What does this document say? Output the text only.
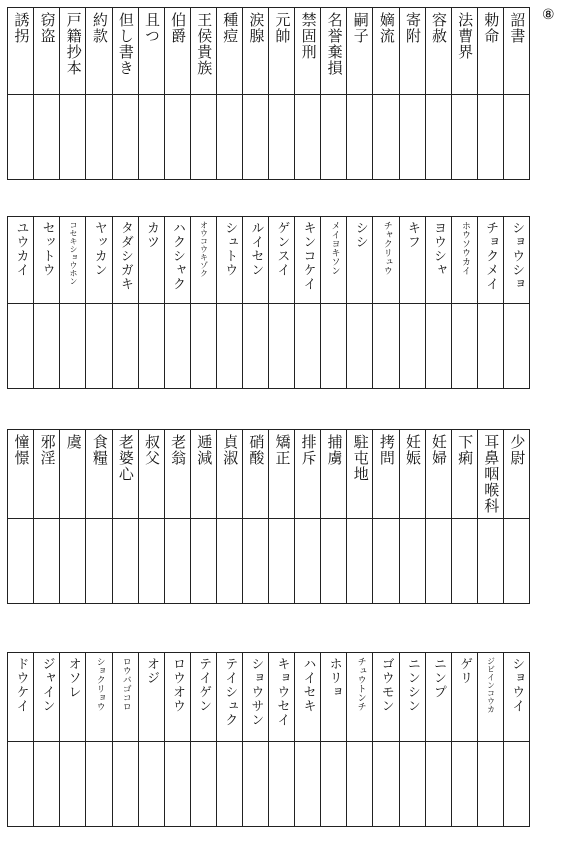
⑧
詔書
勅命
法曹界
容赦
寄附
嫡流
嗣子
名誉棄損
禁固刑
元帥
涙腺
種痘
王侯貴族
伯爵
且つ
但し書き
約款
戸籍抄本
窃盗
誘拐
ショウショ
チョクメイ
ホウソウカイ
ヨウシャ
キフ
チャクリュウ
シシ
メイヨキソン
キンコケイ
ゲンスイ
ルイセン
シュトウ
オウコウキゾク
ハクシャク
カツ
タダシガキ
ヤッカン
コセキショウホン
セットウ
ユウカイ
少尉
耳鼻咽喉科
下痢
妊婦
妊娠
拷問
駐屯地
捕虜
排斥
矯正
硝酸
貞淑
逓減
老翁
叔父
老婆心
食糧
虞
邪淫
憧憬
ショウイ
ジビインコウカ
ゲリ
ニンプ
ニンシン
ゴウモン
チュウトンチ
ホリョ
ハイセキ
キョウセイ
ショウサン
テイシュク
テイゲン
ロウオウ
オジ
ロウバゴコロ
ショクリョウ
オソレ
ジャイン
ドウケイ
